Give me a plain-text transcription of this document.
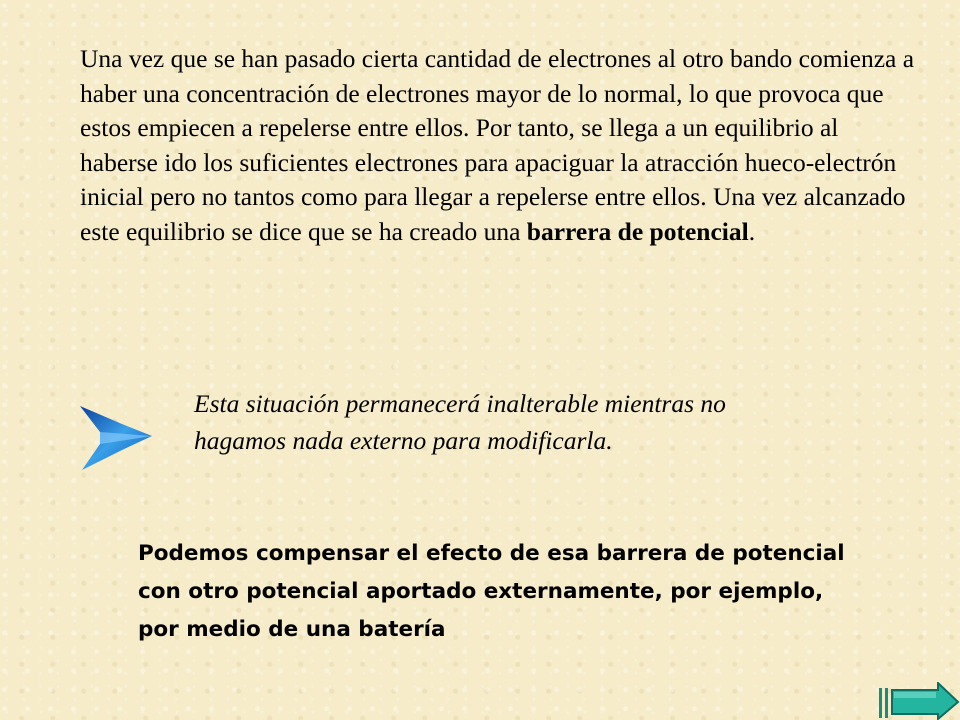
Una vez que se han pasado cierta cantidad de electrones al otro bando comienza a haber una concentración de electrones mayor de lo normal, lo que provoca que estos empiecen a repelerse entre ellos. Por tanto, se llega a un equilibrio al haberse ido los suficientes electrones para apaciguar la atracción hueco-electrón inicial pero no tantos como para llegar a repelerse entre ellos. Una vez alcanzado este equilibrio se dice que se ha creado una barrera de potencial.

Esta situación permanecerá inalterable mientras no hagamos nada externo para modificarla.

Podemos compensar el efecto de esa barrera de potencial con otro potencial aportado externamente, por ejemplo, por medio de una batería
